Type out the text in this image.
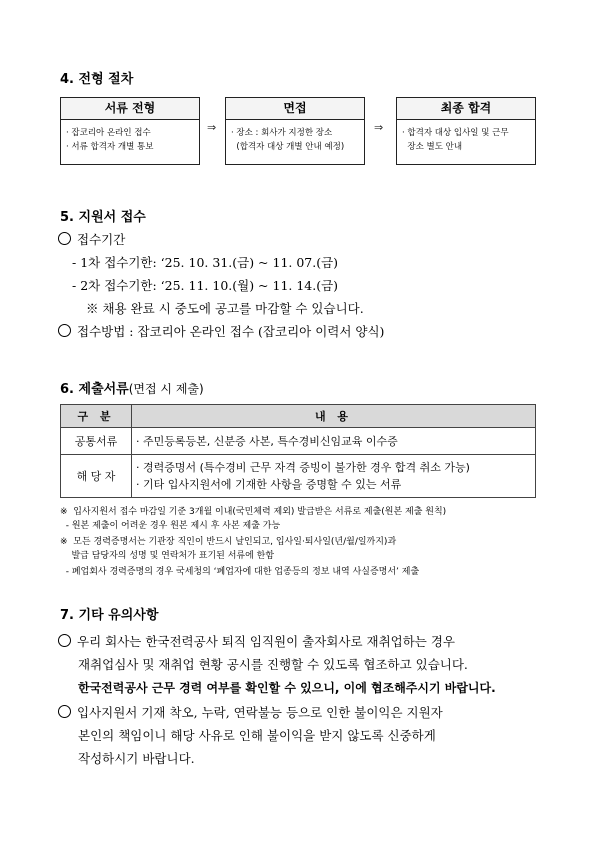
4. 전형 절차
서류 전형
· 잡코리아 온라인 접수
· 서류 합격자 개별 통보
⇒
면접
· 장소 : 회사가 지정한 장소
(합격자 대상 개별 안내 예정)
⇒
최종 합격
· 합격자 대상 입사일 및 근무
장소 별도 안내
5. 지원서 접수
접수기간
- 1차 접수기한: ‘25. 10. 31.(금) ~ 11. 07.(금)
- 2차 접수기한: ‘25. 11. 10.(월) ~ 11. 14.(금)
※ 채용 완료 시 중도에 공고를 마감할 수 있습니다.
접수방법 : 잡코리아 온라인 접수 (잡코리아 이력서 양식)
6. 제출서류(면접 시 제출)
구 분	내 용
공통서류	· 주민등록등본, 신분증 사본, 특수경비신임교육 이수증
해 당 자	· 경력증명서 (특수경비 근무 자격 증빙이 불가한 경우 합격 취소 가능)
· 기타 입사지원서에 기재한 사항을 증명할 수 있는 서류
※  입사지원서 접수 마감일 기준 3개월 이내(국민체력 제외) 발급받은 서류로 제출(원본 제출 원칙)
- 원본 제출이 어려운 경우 원본 제시 후 사본 제출 가능
※  모든 경력증명서는 기관장 직인이 반드시 날인되고, 입사일·퇴사일(년/월/일까지)과
발급 담당자의 성명 및 연락처가 표기된 서류에 한함
- 폐업회사 경력증명의 경우 국세청의 ‘폐업자에 대한 업종등의 정보 내역 사실증명서’ 제출
7. 기타 유의사항
우리 회사는 한국전력공사 퇴직 임직원이 출자회사로 재취업하는 경우
재취업심사 및 재취업 현황 공시를 진행할 수 있도록 협조하고 있습니다.
한국전력공사 근무 경력 여부를 확인할 수 있으니, 이에 협조해주시기 바랍니다.
입사지원서 기재 착오, 누락, 연락불능 등으로 인한 불이익은 지원자
본인의 책임이니 해당 사유로 인해 불이익을 받지 않도록 신중하게
작성하시기 바랍니다.
